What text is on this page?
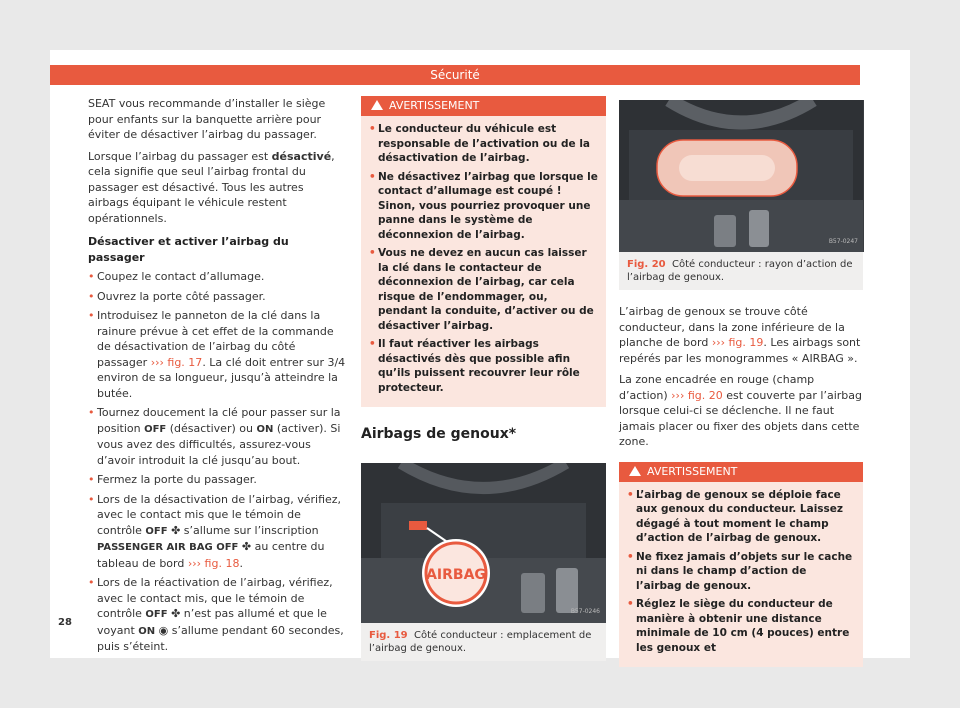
Sécurité

SEAT vous recommande d’installer le siège pour enfants sur la banquette arrière pour éviter de désactiver l’airbag du passager.

Lorsque l’airbag du passager est désactivé, cela signifie que seul l’airbag frontal du passager est désactivé. Tous les autres airbags équipant le véhicule restent opérationnels.

Désactiver et activer l’airbag du passager
• Coupez le contact d’allumage.
• Ouvrez la porte côté passager.
• Introduisez le panneton de la clé dans la rainure prévue à cet effet de la commande de désactivation de l’airbag du côté passager ››› fig. 17. La clé doit entrer sur 3/4 environ de sa longueur, jusqu’à atteindre la butée.
• Tournez doucement la clé pour passer sur la position OFF (désactiver) ou ON (activer). Si vous avez des difficultés, assurez-vous d’avoir introduit la clé jusqu’au bout.
• Fermez la porte du passager.
• Lors de la désactivation de l’airbag, vérifiez, avec le contact mis que le témoin de contrôle OFF ✤ s’allume sur l’inscription PASSENGER AIR BAG OFF ✤ au centre du tableau de bord ››› fig. 18.
• Lors de la réactivation de l’airbag, vérifiez, avec le contact mis, que le témoin de contrôle OFF ✤ n’est pas allumé et que le voyant ON ◉ s’allume pendant 60 secondes, puis s’éteint.
28
AVERTISSEMENT
• Le conducteur du véhicule est responsable de l’activation ou de la désactivation de l’airbag.
• Ne désactivez l’airbag que lorsque le contact d’allumage est coupé ! Sinon, vous pourriez provoquer une panne dans le système de déconnexion de l’airbag.
• Vous ne devez en aucun cas laisser la clé dans le contacteur de déconnexion de l’airbag, car cela risque de l’endommager, ou, pendant la conduite, d’activer ou de désactiver l’airbag.
• Il faut réactiver les airbags désactivés dès que possible afin qu’ils puissent recouvrer leur rôle protecteur.
Airbags de genoux*
AIRBAG
B57-0246
Fig. 19 Côté conducteur : emplacement de l’airbag de genoux.
B57-0247
Fig. 20 Côté conducteur : rayon d’action de l’airbag de genoux.

L’airbag de genoux se trouve côté conducteur, dans la zone inférieure de la planche de bord ››› fig. 19. Les airbags sont repérés par les monogrammes « AIRBAG ».

La zone encadrée en rouge (champ d’action) ››› fig. 20 est couverte par l’airbag lorsque celui-ci se déclenche. Il ne faut jamais placer ou fixer des objets dans cette zone.

AVERTISSEMENT
• L’airbag de genoux se déploie face aux genoux du conducteur. Laissez dégagé à tout moment le champ d’action de l’airbag de genoux.
• Ne fixez jamais d’objets sur le cache ni dans le champ d’action de l’airbag de genoux.
• Réglez le siège du conducteur de manière à obtenir une distance minimale de 10 cm (4 pouces) entre les genoux et
